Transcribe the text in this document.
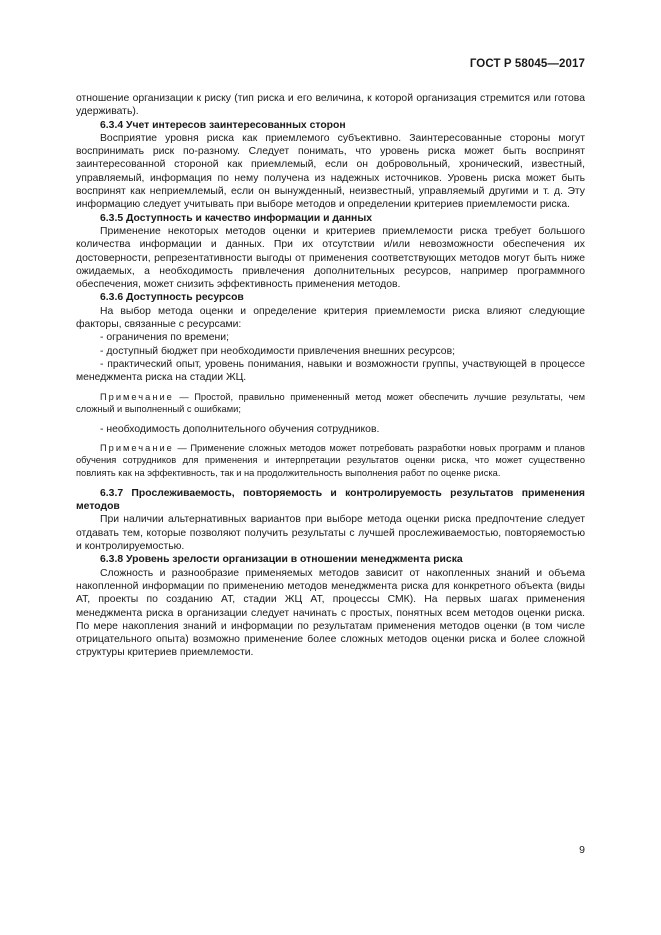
ГОСТ Р 58045—2017

отношение организации к риску (тип риска и его величина, к которой организация стремится или готова удерживать).

6.3.4 Учет интересов заинтересованных сторон

Восприятие уровня риска как приемлемого субъективно. Заинтересованные стороны могут воспринимать риск по-разному. Следует понимать, что уровень риска может быть воспринят заинтересованной стороной как приемлемый, если он добровольный, хронический, известный, управляемый, информация по нему получена из надежных источников. Уровень риска может быть воспринят как неприемлемый, если он вынужденный, неизвестный, управляемый другими и т. д. Эту информацию следует учитывать при выборе методов и определении критериев приемлемости риска.

6.3.5 Доступность и качество информации и данных

Применение некоторых методов оценки и критериев приемлемости риска требует большого количества информации и данных. При их отсутствии и/или невозможности обеспечения их достоверности, репрезентативности выгоды от применения соответствующих методов могут быть ниже ожидаемых, а необходимость привлечения дополнительных ресурсов, например программного обеспечения, может снизить эффективность применения методов.

6.3.6 Доступность ресурсов

На выбор метода оценки и определение критерия приемлемости риска влияют следующие факторы, связанные с ресурсами:

- ограничения по времени;

- доступный бюджет при необходимости привлечения внешних ресурсов;

- практический опыт, уровень понимания, навыки и возможности группы, участвующей в процессе менеджмента риска на стадии ЖЦ.

Примечание — Простой, правильно примененный метод может обеспечить лучшие результаты, чем сложный и выполненный с ошибками;

- необходимость дополнительного обучения сотрудников.

Примечание — Применение сложных методов может потребовать разработки новых программ и планов обучения сотрудников для применения и интерпретации результатов оценки риска, что может существенно повлиять как на эффективность, так и на продолжительность выполнения работ по оценке риска.

6.3.7 Прослеживаемость, повторяемость и контролируемость результатов применения методов

При наличии альтернативных вариантов при выборе метода оценки риска предпочтение следует отдавать тем, которые позволяют получить результаты с лучшей прослеживаемостью, повторяемостью и контролируемостью.

6.3.8 Уровень зрелости организации в отношении менеджмента риска

Сложность и разнообразие применяемых методов зависит от накопленных знаний и объема накопленной информации по применению методов менеджмента риска для конкретного объекта (виды АТ, проекты по созданию АТ, стадии ЖЦ АТ, процессы СМК). На первых шагах применения менеджмента риска в организации следует начинать с простых, понятных всем методов оценки риска. По мере накопления знаний и информации по результатам применения методов оценки (в том числе отрицательного опыта) возможно применение более сложных методов оценки риска и более сложной структуры критериев приемлемости.

9
